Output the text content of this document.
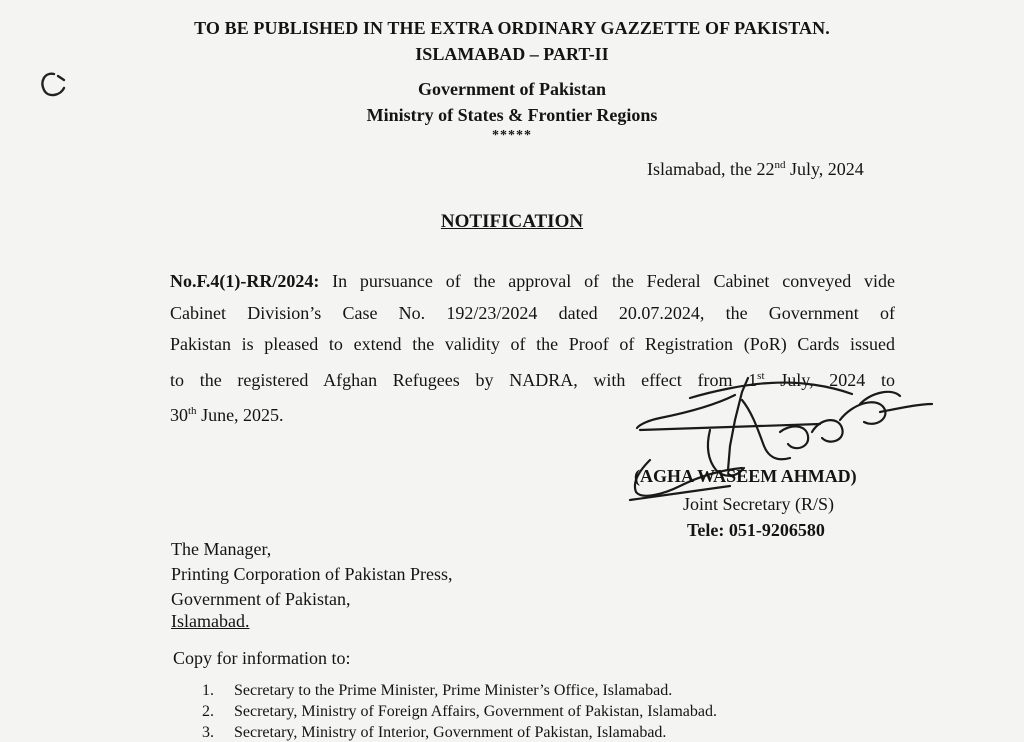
TO BE PUBLISHED IN THE EXTRA ORDINARY GAZZETTE OF PAKISTAN.
ISLAMABAD – PART-II
Government of Pakistan
Ministry of States & Frontier Regions
*****
Islamabad, the 22nd July, 2024
NOTIFICATION
No.F.4(1)-RR/2024: In pursuance of the approval of the Federal Cabinet conveyed vide
Cabinet Division’s Case No. 192/23/2024 dated 20.07.2024, the Government of
Pakistan is pleased to extend the validity of the Proof of Registration (PoR) Cards issued
to the registered Afghan Refugees by NADRA, with effect from 1st July, 2024 to
30th June, 2025.
(AGHA WASEEM AHMAD)
Joint Secretary (R/S)
Tele: 051-9206580
The Manager,
Printing Corporation of Pakistan Press,
Government of Pakistan,
Islamabad.
Copy for information to:
1. Secretary to the Prime Minister, Prime Minister’s Office, Islamabad.
2. Secretary, Ministry of Foreign Affairs, Government of Pakistan, Islamabad.
3. Secretary, Ministry of Interior, Government of Pakistan, Islamabad.
